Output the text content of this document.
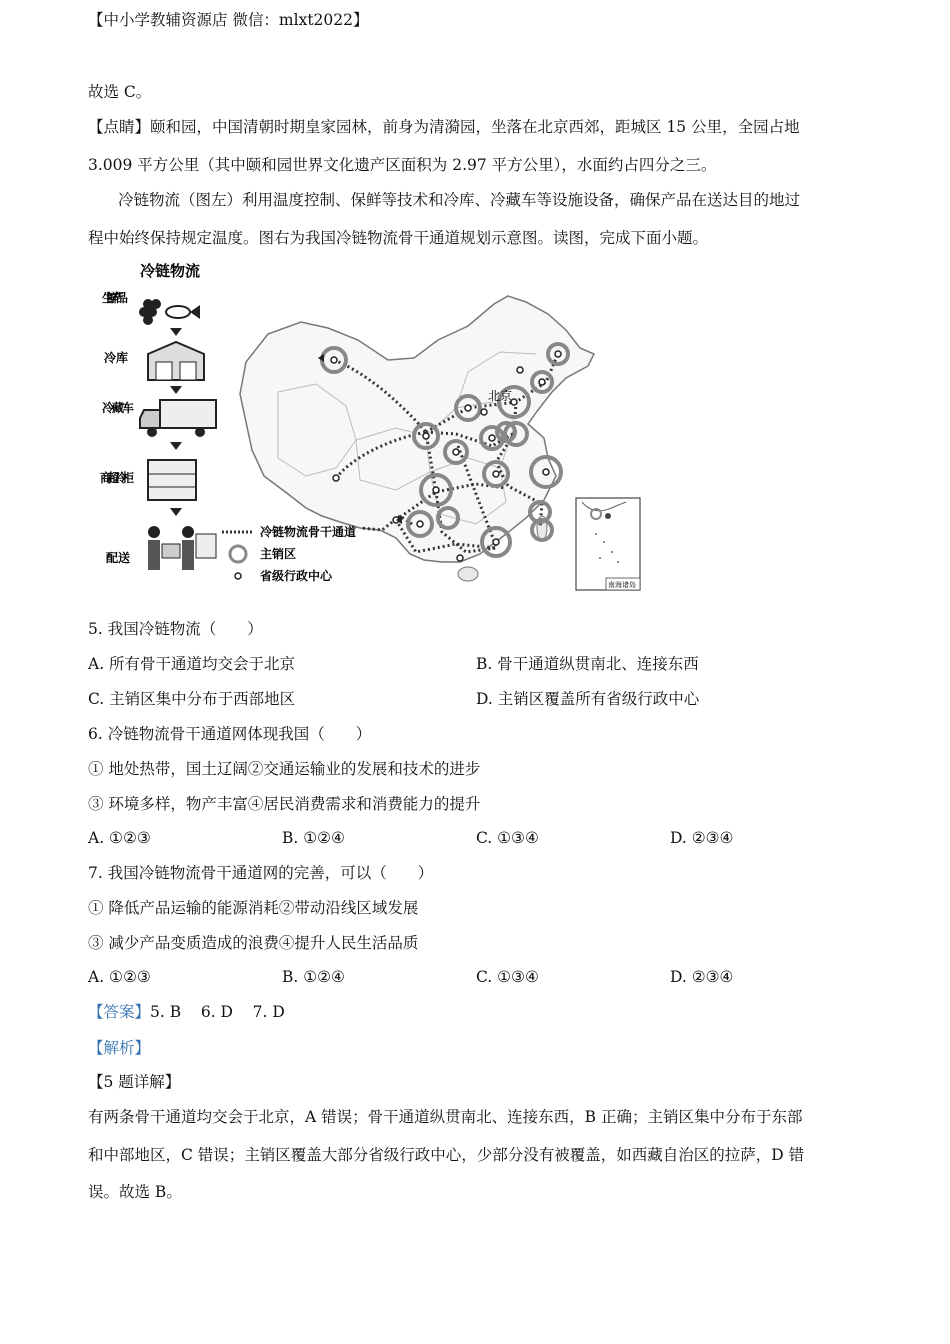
【中小学教辅资源店 微信：mlxt2022】
故选 C。
【点睛】颐和园，中国清朝时期皇家园林，前身为清漪园，坐落在北京西郊，距城区 15 公里，全园占地
3.009 平方公里（其中颐和园世界文化遗产区面积为 2.97 平方公里），水面约占四分之三。
冷链物流（图左）利用温度控制、保鲜等技术和冷库、冷藏车等设施设备，确保产品在送达目的地过
程中始终保持规定温度。图右为我国冷链物流骨干通道规划示意图。读图，完成下面小题。
冷链物流
生鲜产品
冷库
冷藏车
商超冷柜
配送
北京
冷链物流骨干通道
主销区
省级行政中心
南海诸岛
5. 我国冷链物流（　　）
A. 所有骨干通道均交会于北京	B. 骨干通道纵贯南北、连接东西
C. 主销区集中分布于西部地区	D. 主销区覆盖所有省级行政中心
6. 冷链物流骨干通道网体现我国（　　）
① 地处热带，国土辽阔②交通运输业的发展和技术的进步
③ 环境多样，物产丰富④居民消费需求和消费能力的提升
A. ①②③	B. ①②④	C. ①③④	D. ②③④
7. 我国冷链物流骨干通道网的完善，可以（　　）
① 降低产品运输的能源消耗②带动沿线区域发展
③ 减少产品变质造成的浪费④提升人民生活品质
A. ①②③	B. ①②④	C. ①③④	D. ②③④
【答案】5. B    6. D    7. D
【解析】
【5 题详解】
有两条骨干通道均交会于北京，A 错误；骨干通道纵贯南北、连接东西，B 正确；主销区集中分布于东部
和中部地区，C 错误；主销区覆盖大部分省级行政中心，少部分没有被覆盖，如西藏自治区的拉萨，D 错
误。故选 B。
